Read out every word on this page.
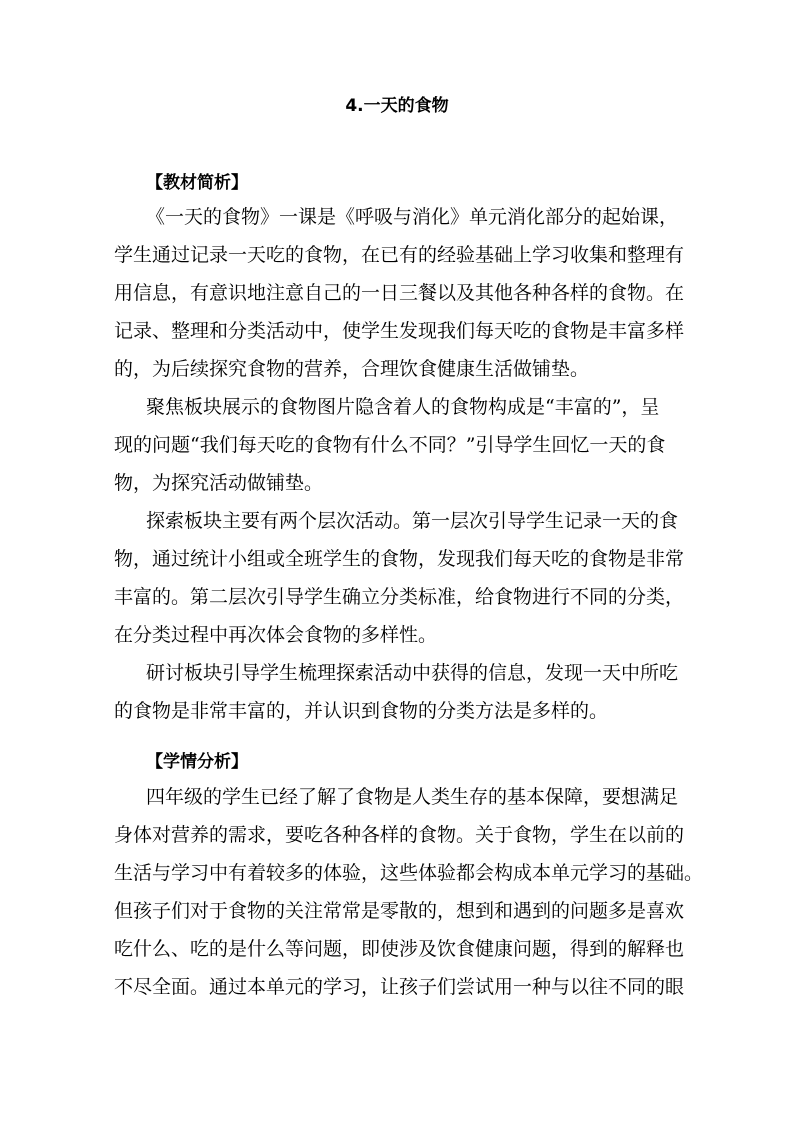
4.一天的食物
【教材简析】

《一天的食物》一课是《呼吸与消化》单元消化部分的起始课，

学生通过记录一天吃的食物，在已有的经验基础上学习收集和整理有

用信息，有意识地注意自己的一日三餐以及其他各种各样的食物。在

记录、整理和分类活动中，使学生发现我们每天吃的食物是丰富多样

的，为后续探究食物的营养，合理饮食健康生活做铺垫。

聚焦板块展示的食物图片隐含着人的食物构成是“丰富的”，呈

现的问题“我们每天吃的食物有什么不同？”引导学生回忆一天的食

物，为探究活动做铺垫。

探索板块主要有两个层次活动。第一层次引导学生记录一天的食

物，通过统计小组或全班学生的食物，发现我们每天吃的食物是非常

丰富的。第二层次引导学生确立分类标准，给食物进行不同的分类，

在分类过程中再次体会食物的多样性。

研讨板块引导学生梳理探索活动中获得的信息，发现一天中所吃

的食物是非常丰富的，并认识到食物的分类方法是多样的。

【学情分析】

四年级的学生已经了解了食物是人类生存的基本保障，要想满足

身体对营养的需求，要吃各种各样的食物。关于食物，学生在以前的

生活与学习中有着较多的体验，这些体验都会构成本单元学习的基础。

但孩子们对于食物的关注常常是零散的，想到和遇到的问题多是喜欢

吃什么、吃的是什么等问题，即使涉及饮食健康问题，得到的解释也

不尽全面。通过本单元的学习，让孩子们尝试用一种与以往不同的眼
